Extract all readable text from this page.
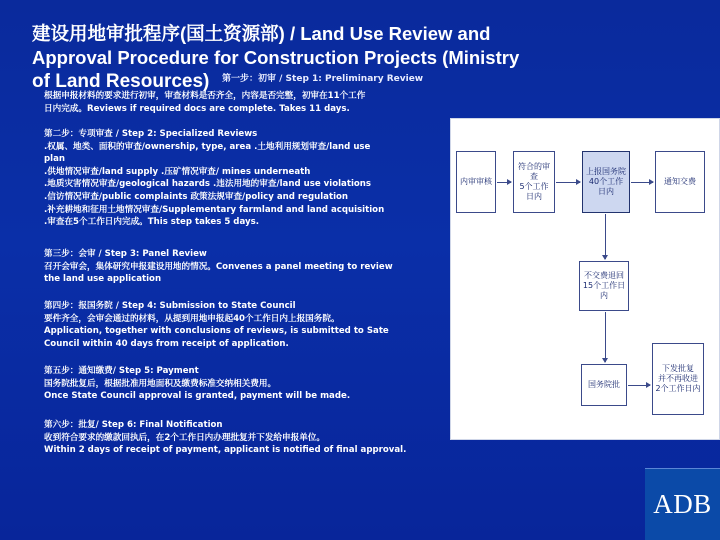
建设用地审批程序(国土资源部) / Land Use Review and
Approval Procedure for Construction Projects (Ministry
of Land Resources)	第一步：初审 / Step 1: Preliminary Review

根据申报材料的要求进行初审，审查材料是否齐全，内容是否完整，初审在11个工作

日内完成。Reviews if required docs are complete. Takes 11 days.

第二步：专项审查 / Step 2: Specialized Reviews

.权属、地类、面积的审查/ownership, type, area .土地利用规划审查/land use

plan

.供地情况审查/land supply .压矿情况审查/ mines underneath

.地质灾害情况审查/geological hazards .违法用地的审查/land use violations

.信访情况审查/public complaints 政策法规审查/policy and regulation

.补充耕地和征用土地情况审查/Supplementary farmland and land acquisition

.审查在5个工作日内完成。This step takes 5 days.

第三步：会审 / Step 3: Panel Review

召开会审会，集体研究申报建设用地的情况。Convenes a panel meeting to review

the land use application

第四步：报国务院 / Step 4: Submission to State Council

要件齐全，会审会通过的材料，从提到用地申报起40个工作日内上报国务院。

Application, together with conclusions of reviews, is submitted to Sate

Council within 40 days from receipt of application.

第五步：通知缴费/ Step 5: Payment

国务院批复后，根据批准用地面积及缴费标准交纳相关费用。

Once State Council approval is granted, payment will be made.

第六步：批复/ Step 6: Final Notification

收到符合要求的缴款回执后，在2个工作日内办理批复并下发给申报单位。

Within 2 days of receipt of payment, applicant is notified of final approval.

内审审核
符合的审查
5个工作日内
上报国务院
40个工作日内
通知交费
不交费退回
15个工作日内
国务院批
下发批复
并不再收进
2个工作日内
ADB
